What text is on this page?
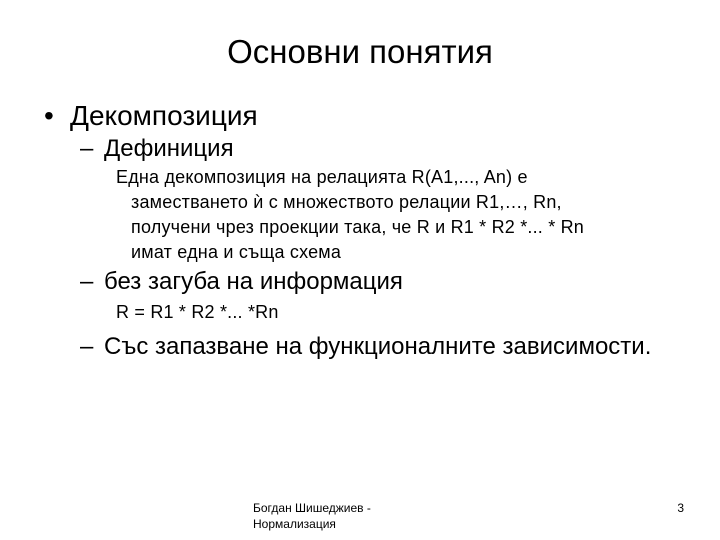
Основни понятия
• Декомпозиция
– Дефиниция
Една декомпозиция на релацията R(A1,..., An) е
заместването ѝ с множеството релации R1,…, Rn,
получени чрез проекции така, че R и R1 * R2 *... * Rn
имат една и съща схема
– без загуба на информация
R = R1 * R2 *... *Rn
– Със запазване на функционалните зависимости.
Богдан Шишеджиев -
Нормализация
3
